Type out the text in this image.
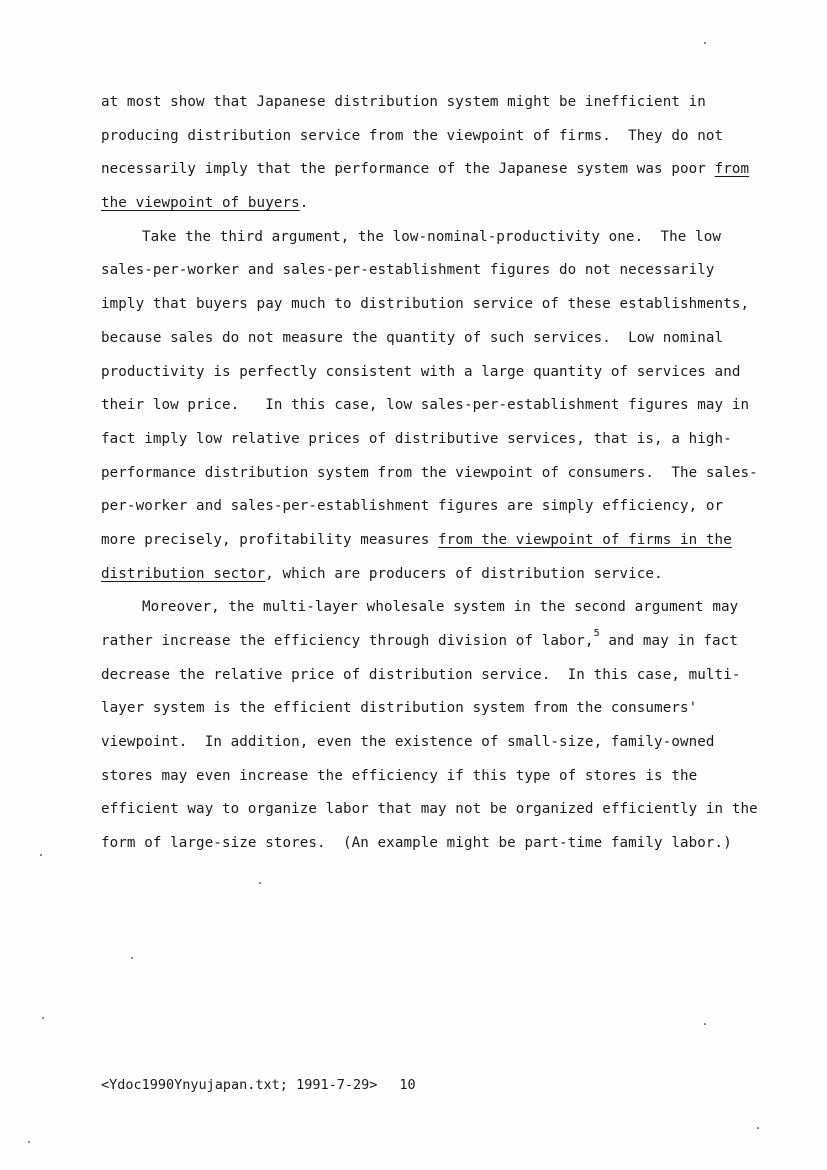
at most show that Japanese distribution system might be inefficient in
producing distribution service from the viewpoint of firms.  They do not
necessarily imply that the performance of the Japanese system was poor from
the viewpoint of buyers.
Take the third argument, the low-nominal-productivity one.  The low
sales-per-worker and sales-per-establishment figures do not necessarily
imply that buyers pay much to distribution service of these establishments,
because sales do not measure the quantity of such services.  Low nominal
productivity is perfectly consistent with a large quantity of services and
their low price.   In this case, low sales-per-establishment figures may in
fact imply low relative prices of distributive services, that is, a high-
performance distribution system from the viewpoint of consumers.  The sales-
per-worker and sales-per-establishment figures are simply efficiency, or
more precisely, profitability measures from the viewpoint of firms in the
distribution sector, which are producers of distribution service.
Moreover, the multi-layer wholesale system in the second argument may
rather increase the efficiency through division of labor,$^5$ and may in fact
decrease the relative price of distribution service.  In this case, multi-
layer system is the efficient distribution system from the consumers'
viewpoint.  In addition, even the existence of small-size, family-owned
stores may even increase the efficiency if this type of stores is the
efficient way to organize labor that may not be organized efficiently in the
form of large-size stores.  (An example might be part-time family labor.)
<Ydoc1990Ynyujapan.txt; 1991-7-29> 10
